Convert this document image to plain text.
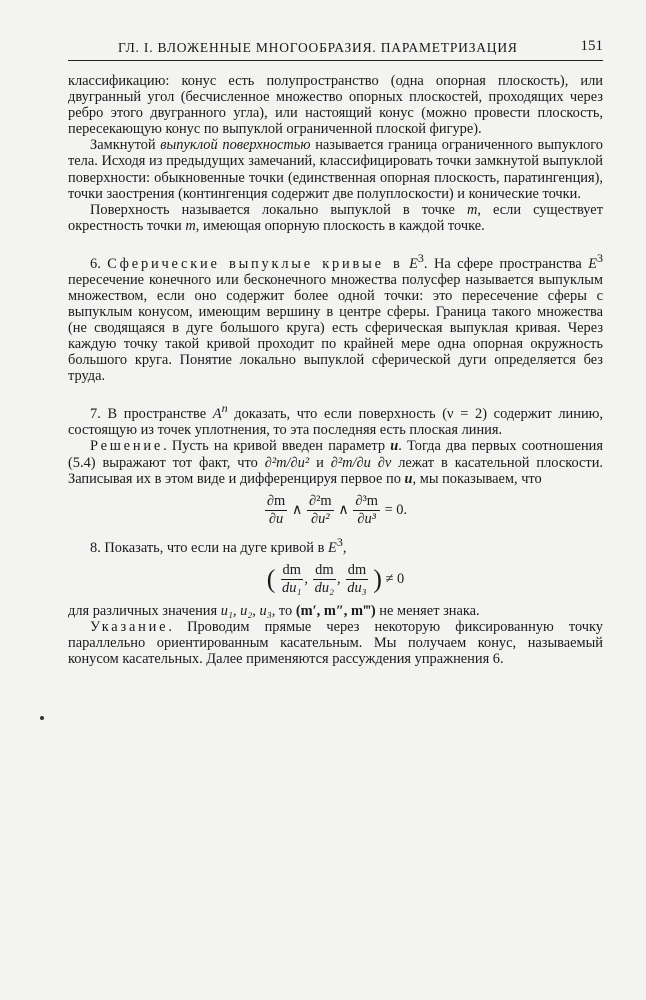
ГЛ. I. ВЛОЖЕННЫЕ МНОГООБРАЗИЯ. ПАРАМЕТРИЗАЦИЯ	151

классификацию: конус есть полупространство (одна опорная плоскость), или двугранный угол (бесчисленное множество опорных плоскостей, проходящих через ребро этого двугранного угла), или настоящий конус (можно провести плоскость, пересекающую конус по выпуклой ограниченной плоской фигуре).

Замкнутой выпуклой поверхностью называется граница ограниченного выпуклого тела. Исходя из предыдущих замечаний, классифицировать точки замкнутой выпуклой поверхности: обыкновенные точки (единственная опорная плоскость, паратингенция), точки заострения (контингенция содержит две полуплоскости) и конические точки.

Поверхность называется локально выпуклой в точке m, если существует окрестность точки m, имеющая опорную плоскость в каждой точке.

6. Сферические выпуклые кривые в $E^3$. На сфере пространства $E^3$ пересечение конечного или бесконечного множества полусфер называется выпуклым множеством, если оно содержит более одной точки: это пересечение сферы с выпуклым конусом, имеющим вершину в центре сферы. Граница такого множества (не сводящаяся в дуге большого круга) есть сферическая выпуклая кривая. Через каждую точку такой кривой проходит по крайней мере одна опорная окружность большого круга. Понятие локально выпуклой сферической дуги определяется без труда.

7. В пространстве $A^n$ доказать, что если поверхность (ν = 2) содержит линию, состоящую из точек уплотнения, то эта последняя есть плоская линия.

Решение. Пусть на кривой введен параметр u. Тогда два первых соотношения (5.4) выражают тот факт, что ∂²m/∂u² и ∂²m/∂u ∂v лежат в касательной плоскости. Записывая их в этом виде и дифференцируя первое по u, мы показываем, что

$\frac{\partial m}{\partial u}$ ∧ $\frac{\text{∂²m}}{\text{∂u²}}$ ∧ $\frac{\text{∂³m}}{\text{∂u³}} = 0$.

8. Показать, что если на дуге кривой в $E^3$,

( $\frac{dm}{\text{du₁}}$ , $\frac{dm}{\text{du₂}}$ , $\frac{dm}{\text{du₃}}$ ) ≠ 0

для различных значения u₁, u₂, u₃, то (m′, m″, m‴) не меняет знака.

Указание. Проводим прямые через некоторую фиксированную точку параллельно ориентированным касательным. Мы получаем конус, называемый конусом касательных. Далее применяются рассуждения упражнения 6.
